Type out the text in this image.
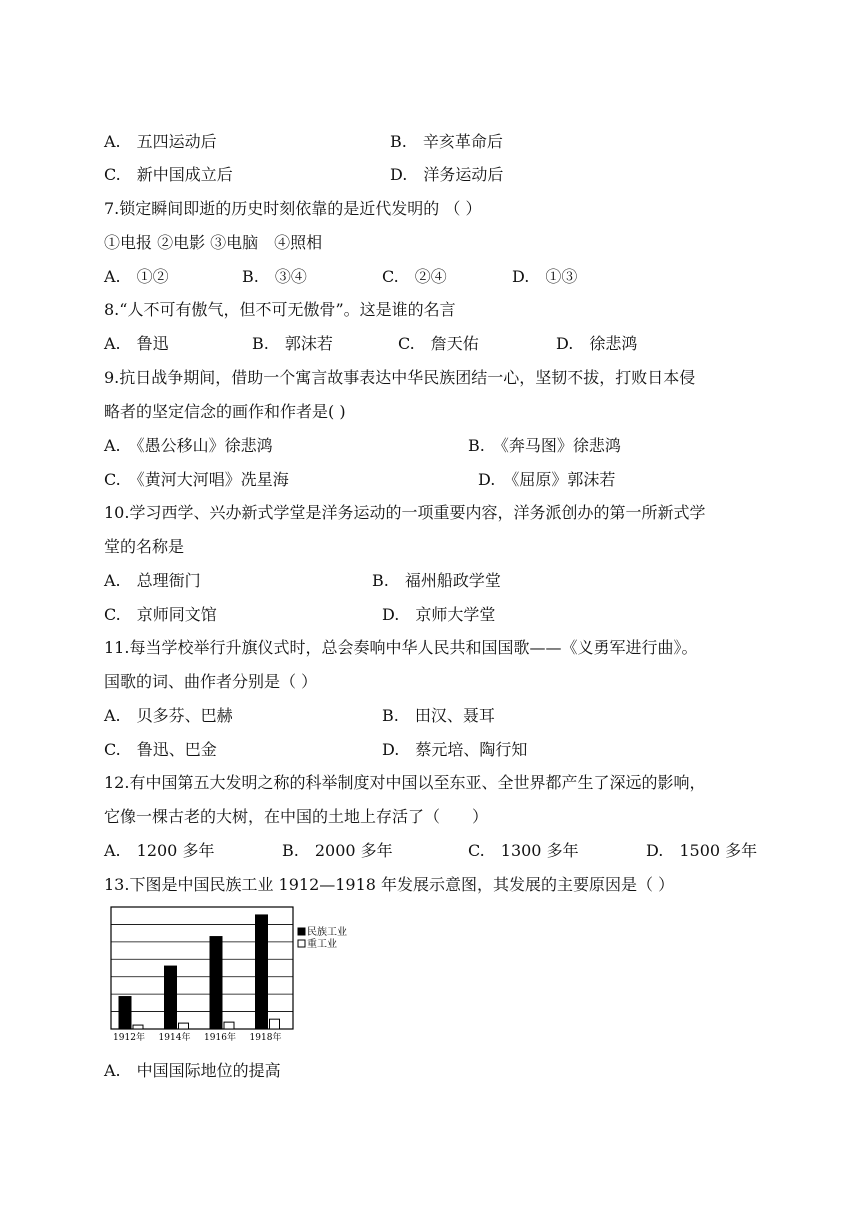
A.　五四运动后	B.　辛亥革命后
C.　新中国成立后	D.　洋务运动后
7.锁定瞬间即逝的历史时刻依靠的是近代发明的 （ ）
①电报 ②电影 ③电脑　④照相
A.　①②	B.　③④	C.　②④	D.　①③
8.“人不可有傲气，但不可无傲骨”。这是谁的名言
A.　鲁迅	B.　郭沫若	C.　詹天佑	D.　徐悲鸿
9.抗日战争期间，借助一个寓言故事表达中华民族团结一心，坚韧不拔，打败日本侵
略者的坚定信念的画作和作者是( )
A.　《愚公移山》徐悲鸿	B.　《奔马图》徐悲鸿
C.　《黄河大河唱》冼星海	D.　《屈原》郭沫若
10.学习西学、兴办新式学堂是洋务运动的一项重要内容，洋务派创办的第一所新式学
堂的名称是
A.　总理衙门	B.　福州船政学堂
C.　京师同文馆	D.　京师大学堂
11.每当学校举行升旗仪式时，总会奏响中华人民共和国国歌——《义勇军进行曲》。
国歌的词、曲作者分别是（ ）
A.　贝多芬、巴赫	B.　田汉、聂耳
C.　鲁迅、巴金	D.　蔡元培、陶行知
12.有中国第五大发明之称的科举制度对中国以至东亚、全世界都产生了深远的影响，
它像一棵古老的大树，在中国的土地上存活了（　　）
A.　1200 多年	B.　2000 多年	C.　1300 多年	D.　1500 多年
13.下图是中国民族工业 1912—1918 年发展示意图，其发展的主要原因是（ ）
1912年 1914年 1916年 1918年
民族工业
重工业
A.　中国国际地位的提高
